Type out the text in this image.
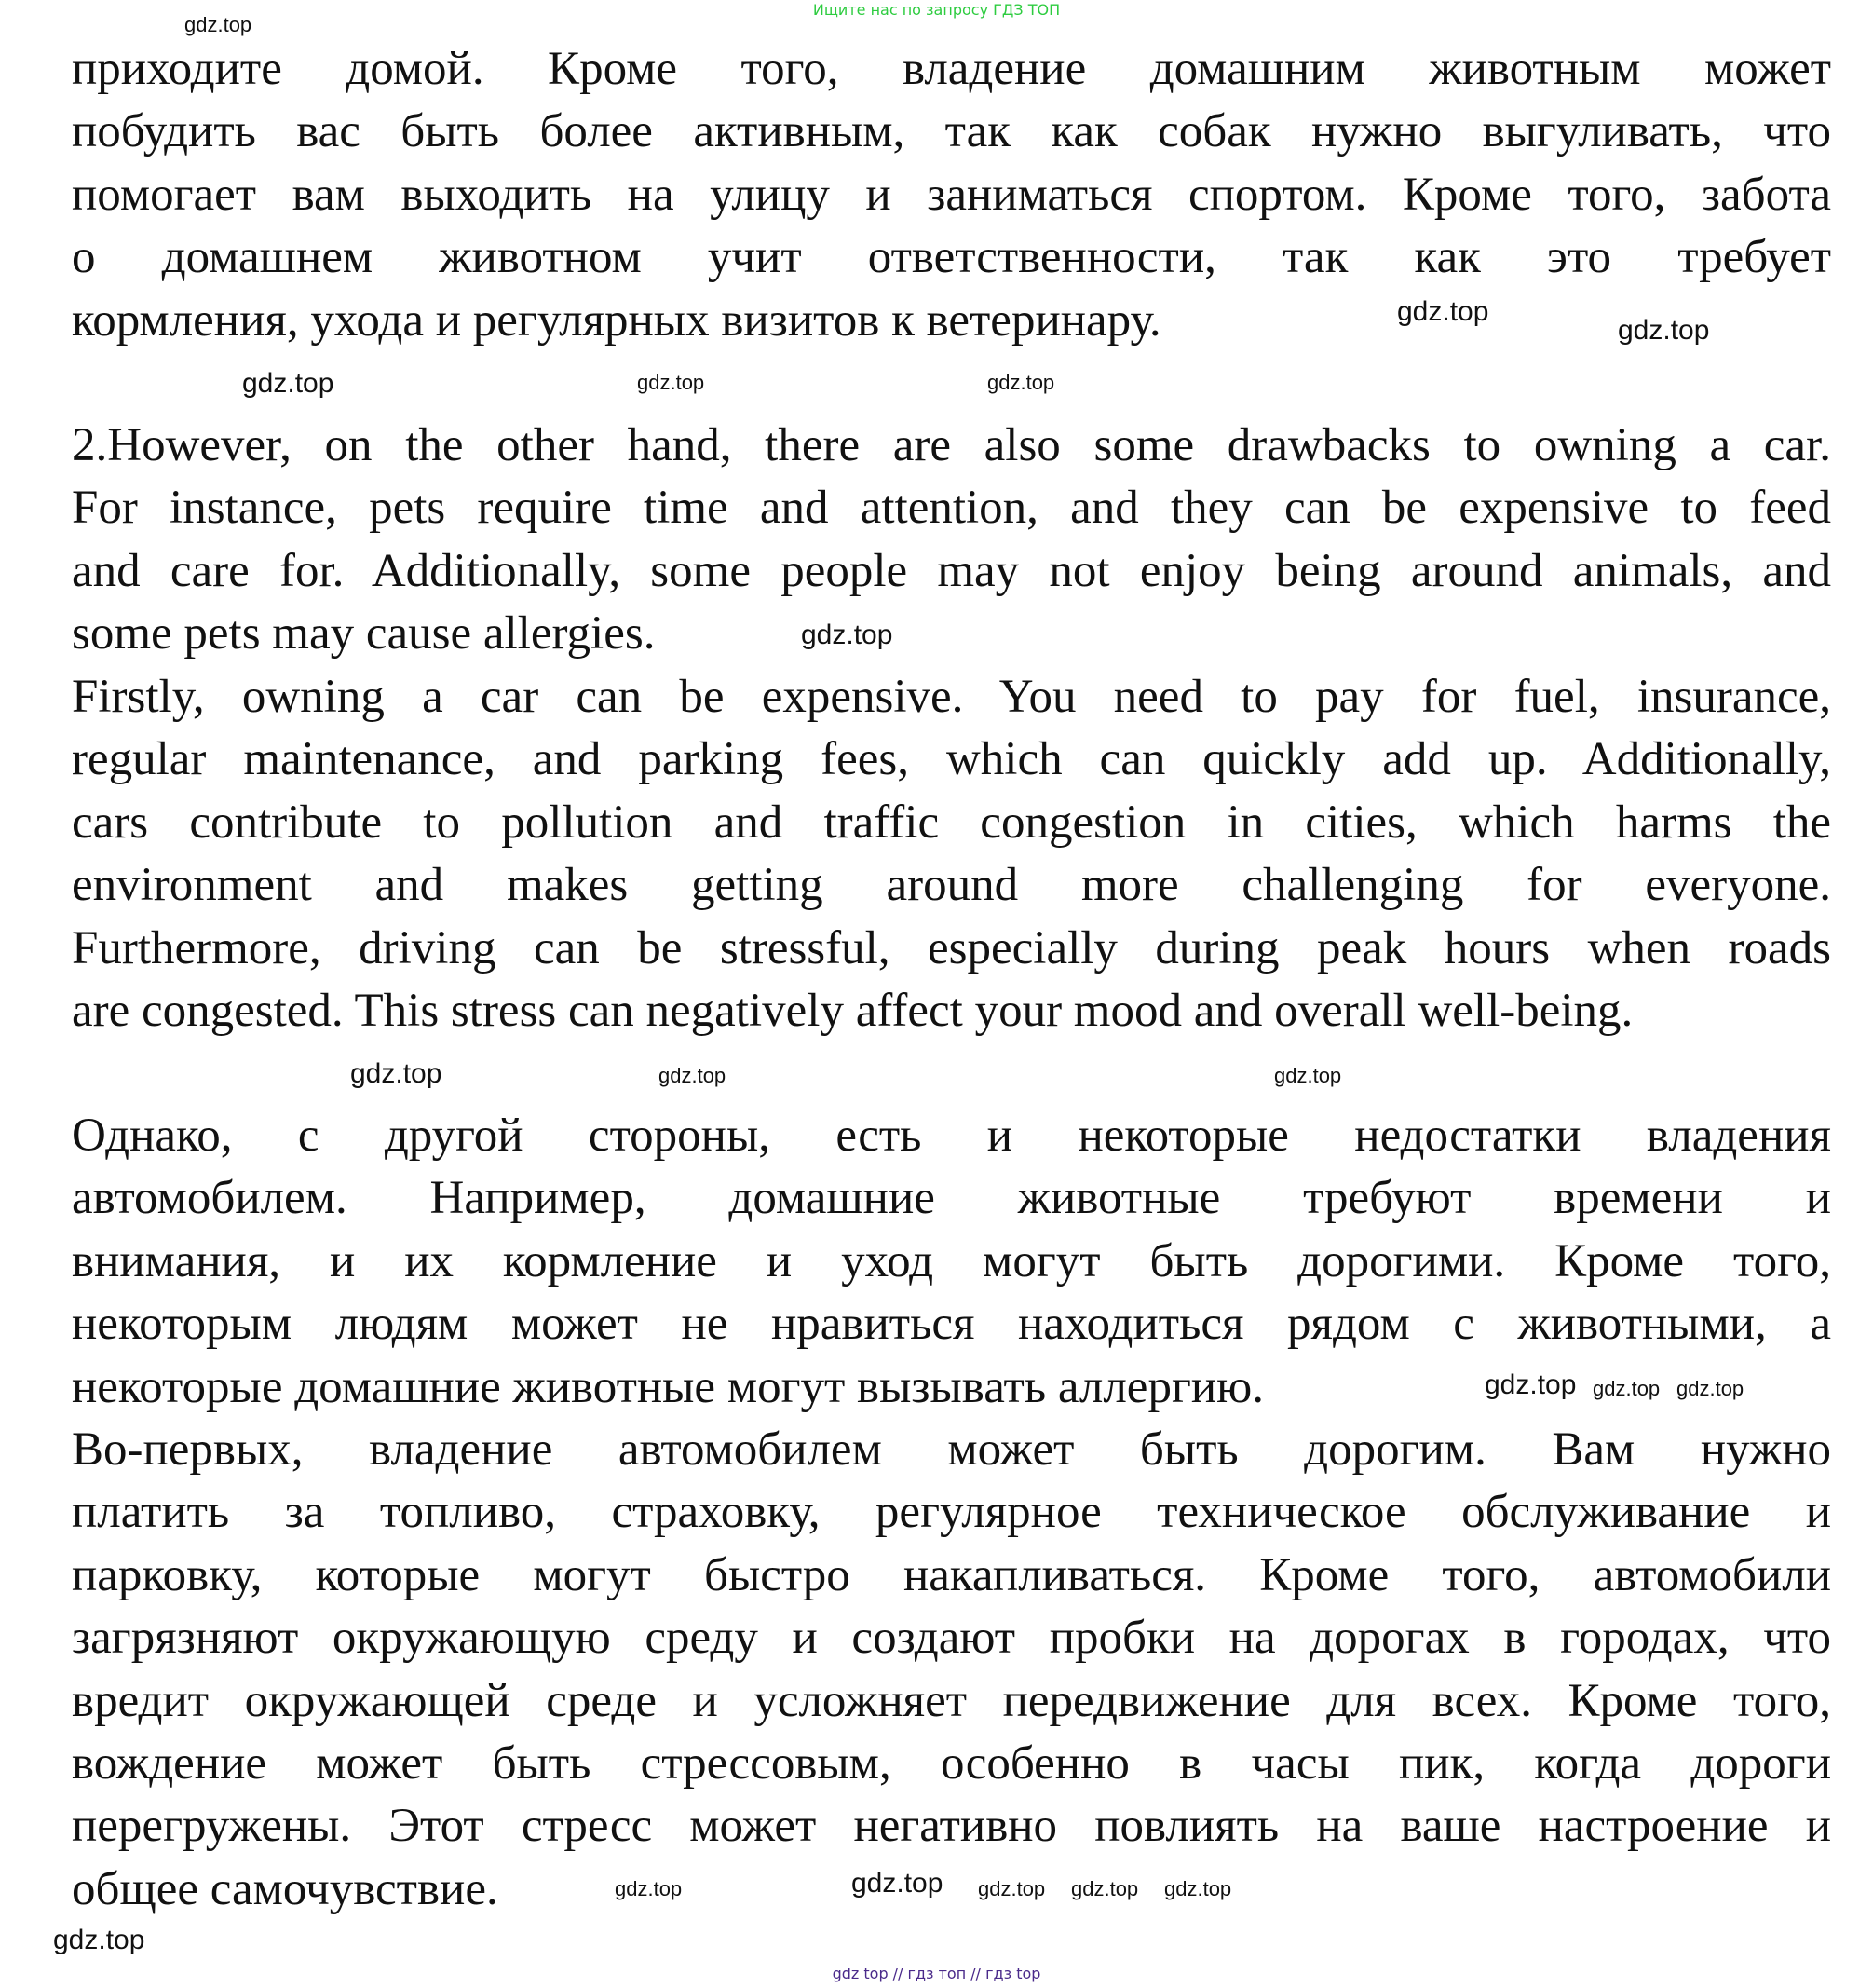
Ищите нас по запросу ГДЗ ТОП
приходите домой. Кроме того, владение домашним животным может
побудить вас быть более активным, так как собак нужно выгуливать, что
помогает вам выходить на улицу и заниматься спортом. Кроме того, забота
о домашнем животном учит ответственности, так как это требует
кормления, ухода и регулярных визитов к ветеринару.
2.However, on the other hand, there are also some drawbacks to owning a car.
For instance, pets require time and attention, and they can be expensive to feed
and care for. Additionally, some people may not enjoy being around animals, and
some pets may cause allergies.
Firstly, owning a car can be expensive. You need to pay for fuel, insurance,
regular maintenance, and parking fees, which can quickly add up. Additionally,
cars contribute to pollution and traffic congestion in cities, which harms the
environment and makes getting around more challenging for everyone.
Furthermore, driving can be stressful, especially during peak hours when roads
are congested. This stress can negatively affect your mood and overall well-being.
Однако, с другой стороны, есть и некоторые недостатки владения
автомобилем. Например, домашние животные требуют времени и
внимания, и их кормление и уход могут быть дорогими. Кроме того,
некоторым людям может не нравиться находиться рядом с животными, а
некоторые домашние животные могут вызывать аллергию.
Во-первых, владение автомобилем может быть дорогим. Вам нужно
платить за топливо, страховку, регулярное техническое обслуживание и
парковку, которые могут быстро накапливаться. Кроме того, автомобили
загрязняют окружающую среду и создают пробки на дорогах в городах, что
вредит окружающей среде и усложняет передвижение для всех. Кроме того,
вождение может быть стрессовым, особенно в часы пик, когда дороги
перегружены. Этот стресс может негативно повлиять на ваше настроение и
общее самочувствие.
gdz.top
gdz.top	gdz.top
gdz.top
gdz.top
gdz.top
gdz.top
gdz.top	gdz.top
gdz.top
gdz.top gdz.top gdz.top
gdz.top	gdz.top gdz.top gdz.top
gdz.top
gdz.top
gdz top // гдз топ // гдз top
